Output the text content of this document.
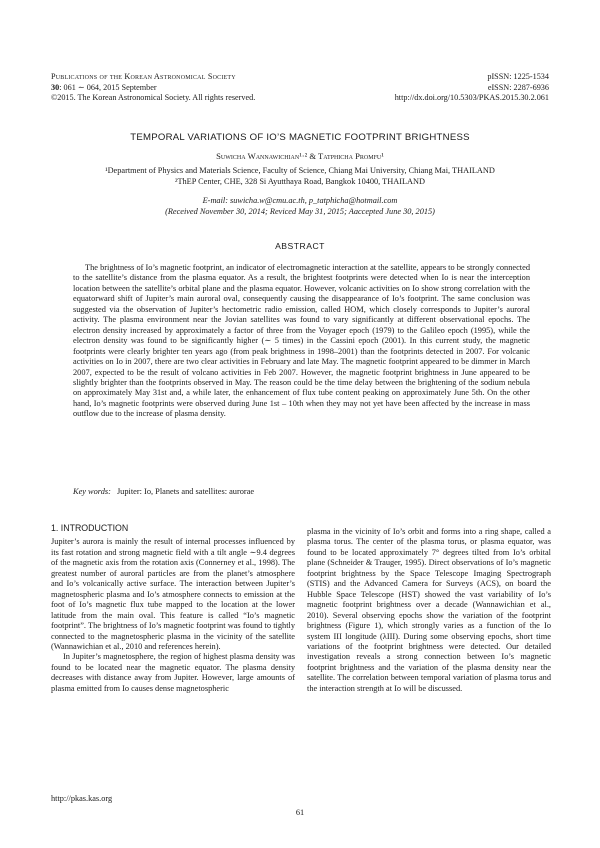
Publications of the Korean Astronomical Society
30: 061 ∼ 064, 2015 September
©2015. The Korean Astronomical Society. All rights reserved.
pISSN: 1225-1534
eISSN: 2287-6936
http://dx.doi.org/10.5303/PKAS.2015.30.2.061
TEMPORAL VARIATIONS OF IO’S MAGNETIC FOOTPRINT BRIGHTNESS
Suwicha Wannawichian¹·² & Tatphicha Promfu¹
¹Department of Physics and Materials Science, Faculty of Science, Chiang Mai University, Chiang Mai, THAILAND
²ThEP Center, CHE, 328 Si Ayutthaya Road, Bangkok 10400, THAILAND
E-mail: suwicha.w@cmu.ac.th, p_tatphicha@hotmail.com
(Received November 30, 2014; Reviced May 31, 2015; Aaccepted June 30, 2015)
ABSTRACT

The brightness of Io’s magnetic footprint, an indicator of electromagnetic interaction at the satellite, appears to be strongly connected to the satellite’s distance from the plasma equator. As a result, the brightest footprints were detected when Io is near the interception location between the satellite’s orbital plane and the plasma equator. However, volcanic activities on Io show strong correlation with the equatorward shift of Jupiter’s main auroral oval, consequently causing the disappearance of Io’s footprint. The same conclusion was suggested via the observation of Jupiter’s hectometric radio emission, called HOM, which closely corresponds to Jupiter’s auroral activity. The plasma environment near the Jovian satellites was found to vary significantly at different observational epochs. The electron density increased by approximately a factor of three from the Voyager epoch (1979) to the Galileo epoch (1995), while the electron density was found to be significantly higher (∼ 5 times) in the Cassini epoch (2001). In this current study, the magnetic footprints were clearly brighter ten years ago (from peak brightness in 1998–2001) than the footprints detected in 2007. For volcanic activities on Io in 2007, there are two clear activities in February and late May. The magnetic footprint appeared to be dimmer in March 2007, expected to be the result of volcano activities in Feb 2007. However, the magnetic footprint brightness in June appeared to be slightly brighter than the footprints observed in May. The reason could be the time delay between the brightening of the sodium nebula on approximately May 31st and, a while later, the enhancement of flux tube content peaking on approximately June 5th. On the other hand, Io’s magnetic footprints were observed during June 1st – 10th when they may not yet have been affected by the increase in mass outflow due to the increase of plasma density.

Key words: Jupiter: Io, Planets and satellites: aurorae
1. INTRODUCTION

Jupiter’s aurora is mainly the result of internal processes influenced by its fast rotation and strong magnetic field with a tilt angle ∼9.4 degrees of the magnetic axis from the rotation axis (Connerney et al., 1998). The greatest number of auroral particles are from the planet’s atmosphere and Io’s volcanically active surface. The interaction between Jupiter’s magnetospheric plasma and Io’s atmosphere connects to emission at the foot of Io’s magnetic flux tube mapped to the location at the lower latitude from the main oval. This feature is called “Io’s magnetic footprint”. The brightness of Io’s magnetic footprint was found to tightly connected to the magnetospheric plasma in the vicinity of the satellite (Wannawichian et al., 2010 and references herein).

In Jupiter’s magnetosphere, the region of highest plasma density was found to be located near the magnetic equator. The plasma density decreases with distance away from Jupiter. However, large amounts of plasma emitted from Io causes dense magnetospheric

plasma in the vicinity of Io’s orbit and forms into a ring shape, called a plasma torus. The center of the plasma torus, or plasma equator, was found to be located approximately 7° degrees tilted from Io’s orbital plane (Schneider & Trauger, 1995). Direct observations of Io’s magnetic footprint brightness by the Space Telescope Imaging Spectrograph (STIS) and the Advanced Camera for Surveys (ACS), on board the Hubble Space Telescope (HST) showed the vast variability of Io’s magnetic footprint brightness over a decade (Wannawichian et al., 2010). Several observing epochs show the variation of the footprint brightness (Figure 1), which strongly varies as a function of the Io system III longitude (λIII). During some observing epochs, short time variations of the footprint brightness were detected. Our detailed investigation reveals a strong connection between Io’s magnetic footprint brightness and the variation of the plasma density near the satellite. The correlation between temporal variation of plasma torus and the interaction strength at Io will be discussed.

http://pkas.kas.org
61
